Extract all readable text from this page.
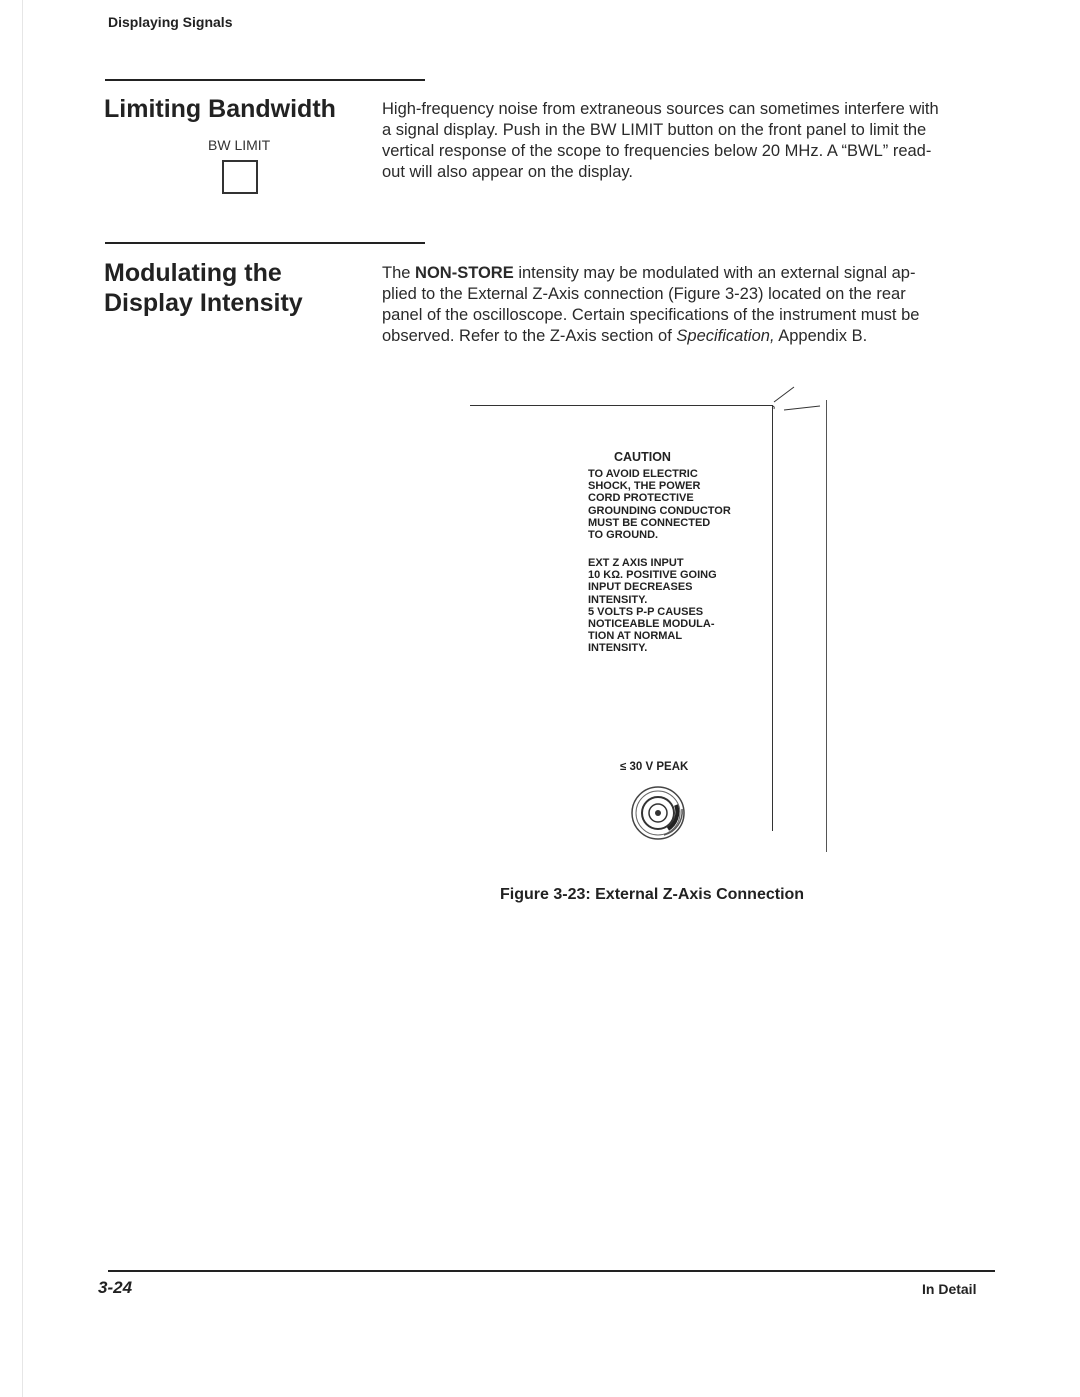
Displaying Signals
Limiting Bandwidth
BW LIMIT
High-frequency noise from extraneous sources can sometimes interfere with
a signal display. Push in the BW LIMIT button on the front panel to limit the
vertical response of the scope to frequencies below 20 MHz. A “BWL” read-
out will also appear on the display.
Modulating the
Display Intensity
The NON-STORE intensity may be modulated with an external signal ap-
plied to the External Z-Axis connection (Figure 3-23) located on the rear
panel of the oscilloscope. Certain specifications of the instrument must be
observed. Refer to the Z-Axis section of Specification, Appendix B.
CAUTION
TO AVOID ELECTRIC
SHOCK, THE POWER
CORD PROTECTIVE
GROUNDING CONDUCTOR
MUST BE CONNECTED
TO GROUND.
EXT Z AXIS INPUT
10 KΩ. POSITIVE GOING
INPUT DECREASES
INTENSITY.
5 VOLTS P-P CAUSES
NOTICEABLE MODULA-
TION AT NORMAL
INTENSITY.
≤ 30 V PEAK
Figure 3-23: External Z-Axis Connection
3-24	In Detail
